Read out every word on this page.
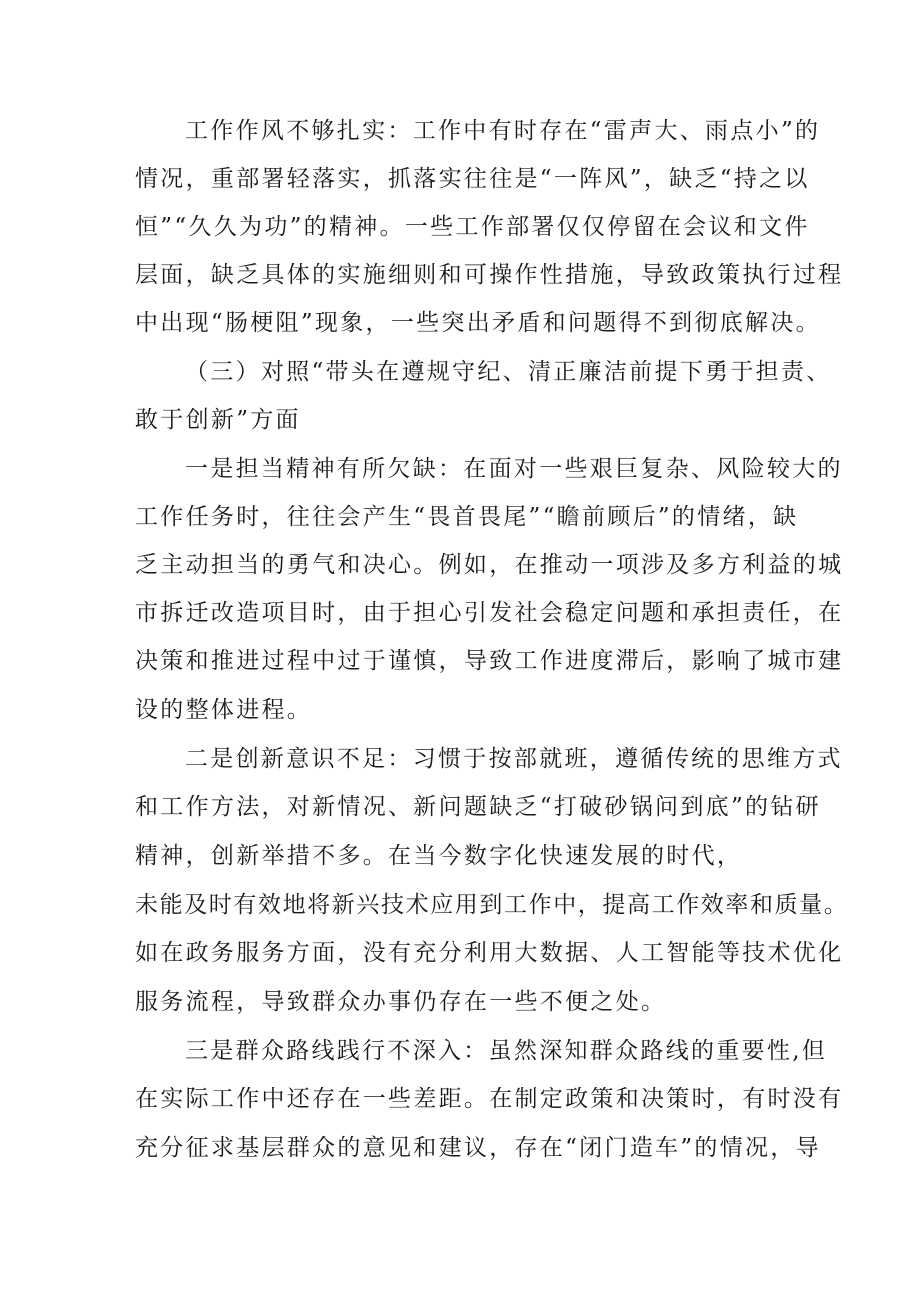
工作作风不够扎实：工作中有时存在“雷声大、雨点小”的
情况，重部署轻落实，抓落实往往是“一阵风”，缺乏“持之以
恒”“久久为功”的精神。一些工作部署仅仅停留在会议和文件
层面，缺乏具体的实施细则和可操作性措施，导致政策执行过程
中出现“肠梗阻”现象，一些突出矛盾和问题得不到彻底解决。
（三）对照“带头在遵规守纪、清正廉洁前提下勇于担责、
敢于创新”方面
一是担当精神有所欠缺：在面对一些艰巨复杂、风险较大的
工作任务时，往往会产生“畏首畏尾”“瞻前顾后”的情绪，缺
乏主动担当的勇气和决心。例如，在推动一项涉及多方利益的城
市拆迁改造项目时，由于担心引发社会稳定问题和承担责任，在
决策和推进过程中过于谨慎，导致工作进度滞后，影响了城市建
设的整体进程。
二是创新意识不足：习惯于按部就班，遵循传统的思维方式
和工作方法，对新情况、新问题缺乏“打破砂锅问到底”的钻研
精神，创新举措不多。在当今数字化快速发展的时代，
未能及时有效地将新兴技术应用到工作中，提高工作效率和质量。
如在政务服务方面，没有充分利用大数据、人工智能等技术优化
服务流程，导致群众办事仍存在一些不便之处。
三是群众路线践行不深入：虽然深知群众路线的重要性,但
在实际工作中还存在一些差距。在制定政策和决策时，有时没有
充分征求基层群众的意见和建议，存在“闭门造车”的情况，导
